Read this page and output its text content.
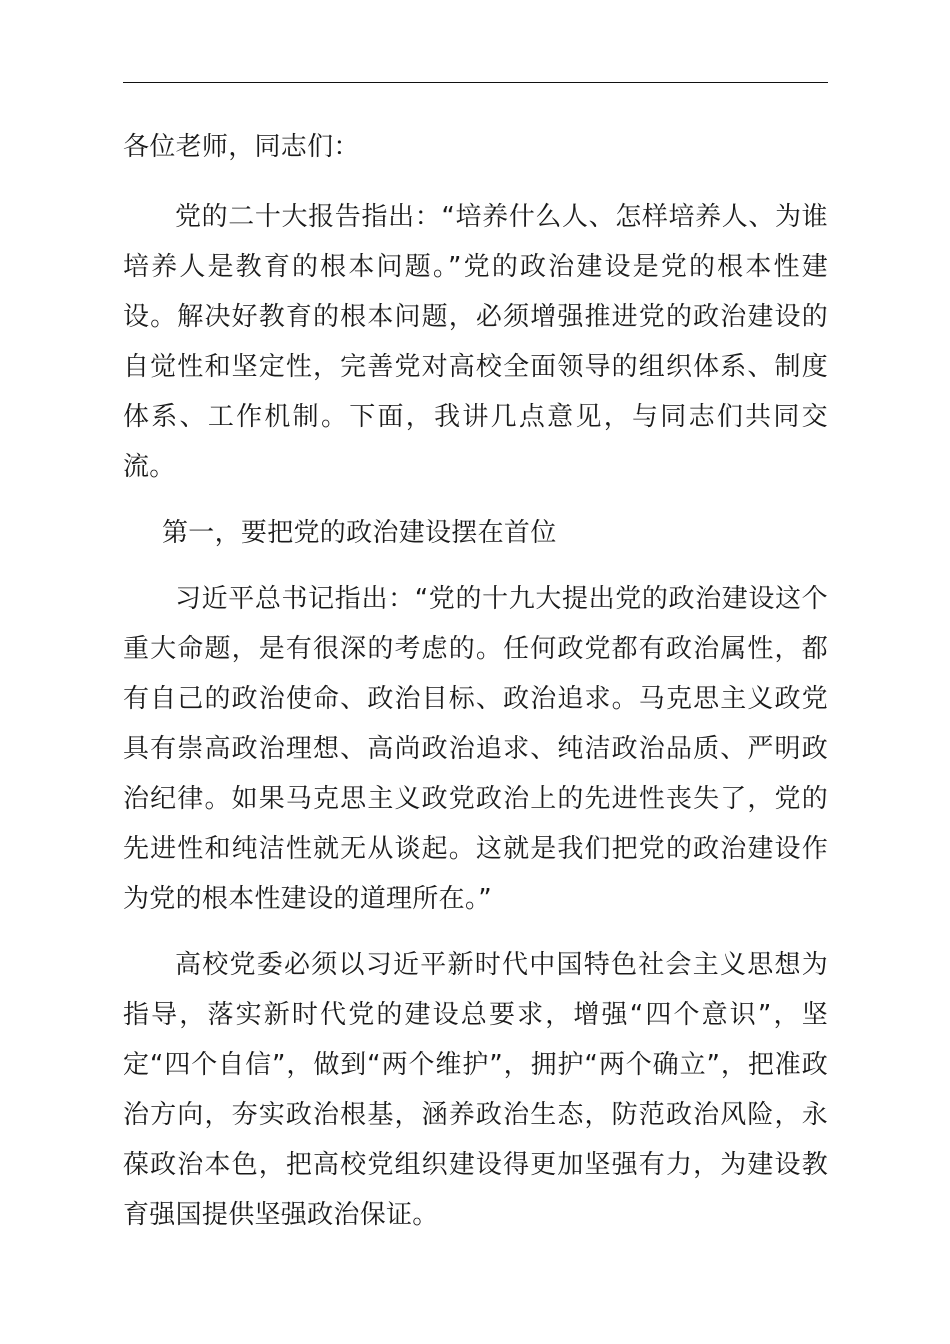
各位老师，同志们：

党的二十大报告指出：“培养什么人、怎样培养人、为谁培养人是教育的根本问题。”党的政治建设是党的根本性建设。解决好教育的根本问题，必须增强推进党的政治建设的自觉性和坚定性，完善党对高校全面领导的组织体系、制度体系、工作机制。下面，我讲几点意见，与同志们共同交流。

第一，要把党的政治建设摆在首位

习近平总书记指出：“党的十九大提出党的政治建设这个重大命题，是有很深的考虑的。任何政党都有政治属性，都有自己的政治使命、政治目标、政治追求。马克思主义政党具有崇高政治理想、高尚政治追求、纯洁政治品质、严明政治纪律。如果马克思主义政党政治上的先进性丧失了，党的先进性和纯洁性就无从谈起。这就是我们把党的政治建设作为党的根本性建设的道理所在。”

高校党委必须以习近平新时代中国特色社会主义思想为指导，落实新时代党的建设总要求，增强“四个意识”，坚定“四个自信”，做到“两个维护”，拥护“两个确立”，把准政治方向，夯实政治根基，涵养政治生态，防范政治风险，永葆政治本色，把高校党组织建设得更加坚强有力，为建设教育强国提供坚强政治保证。
